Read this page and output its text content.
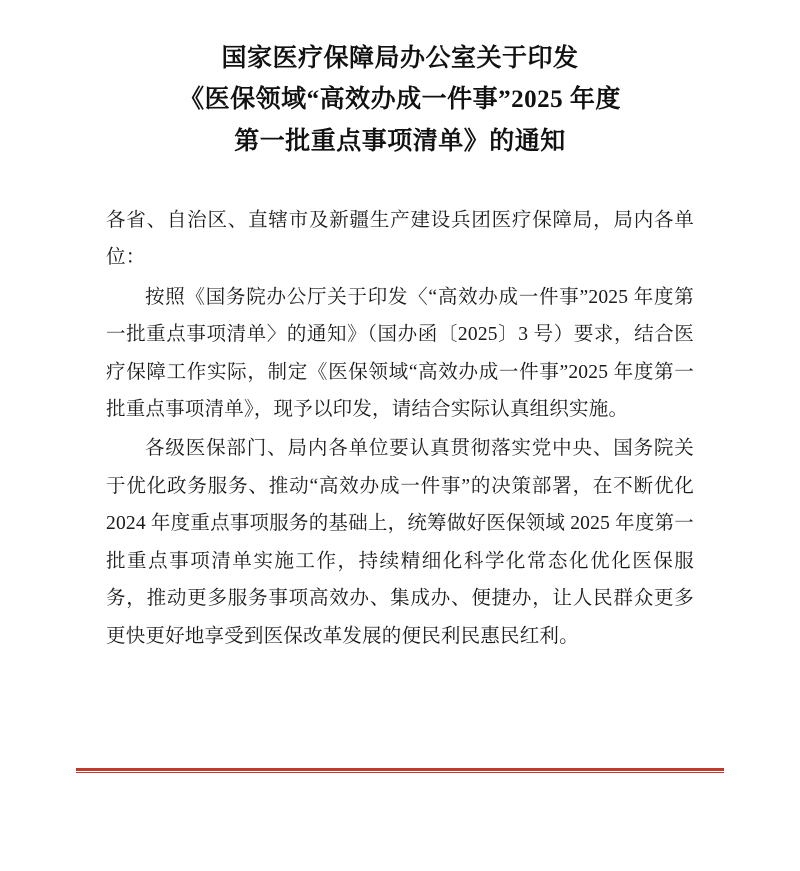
国家医疗保障局办公室关于印发
《医保领域“高效办成一件事”2025 年度
第一批重点事项清单》的通知

各省、自治区、直辖市及新疆生产建设兵团医疗保障局，局内各单位：

按照《国务院办公厅关于印发〈“高效办成一件事”2025 年度第一批重点事项清单〉的通知》（国办函〔2025〕3 号）要求，结合医疗保障工作实际，制定《医保领域“高效办成一件事”2025 年度第一批重点事项清单》，现予以印发，请结合实际认真组织实施。

各级医保部门、局内各单位要认真贯彻落实党中央、国务院关于优化政务服务、推动“高效办成一件事”的决策部署，在不断优化 2024 年度重点事项服务的基础上，统筹做好医保领域 2025 年度第一批重点事项清单实施工作，持续精细化科学化常态化优化医保服务，推动更多服务事项高效办、集成办、便捷办，让人民群众更多更快更好地享受到医保改革发展的便民利民惠民红利。
